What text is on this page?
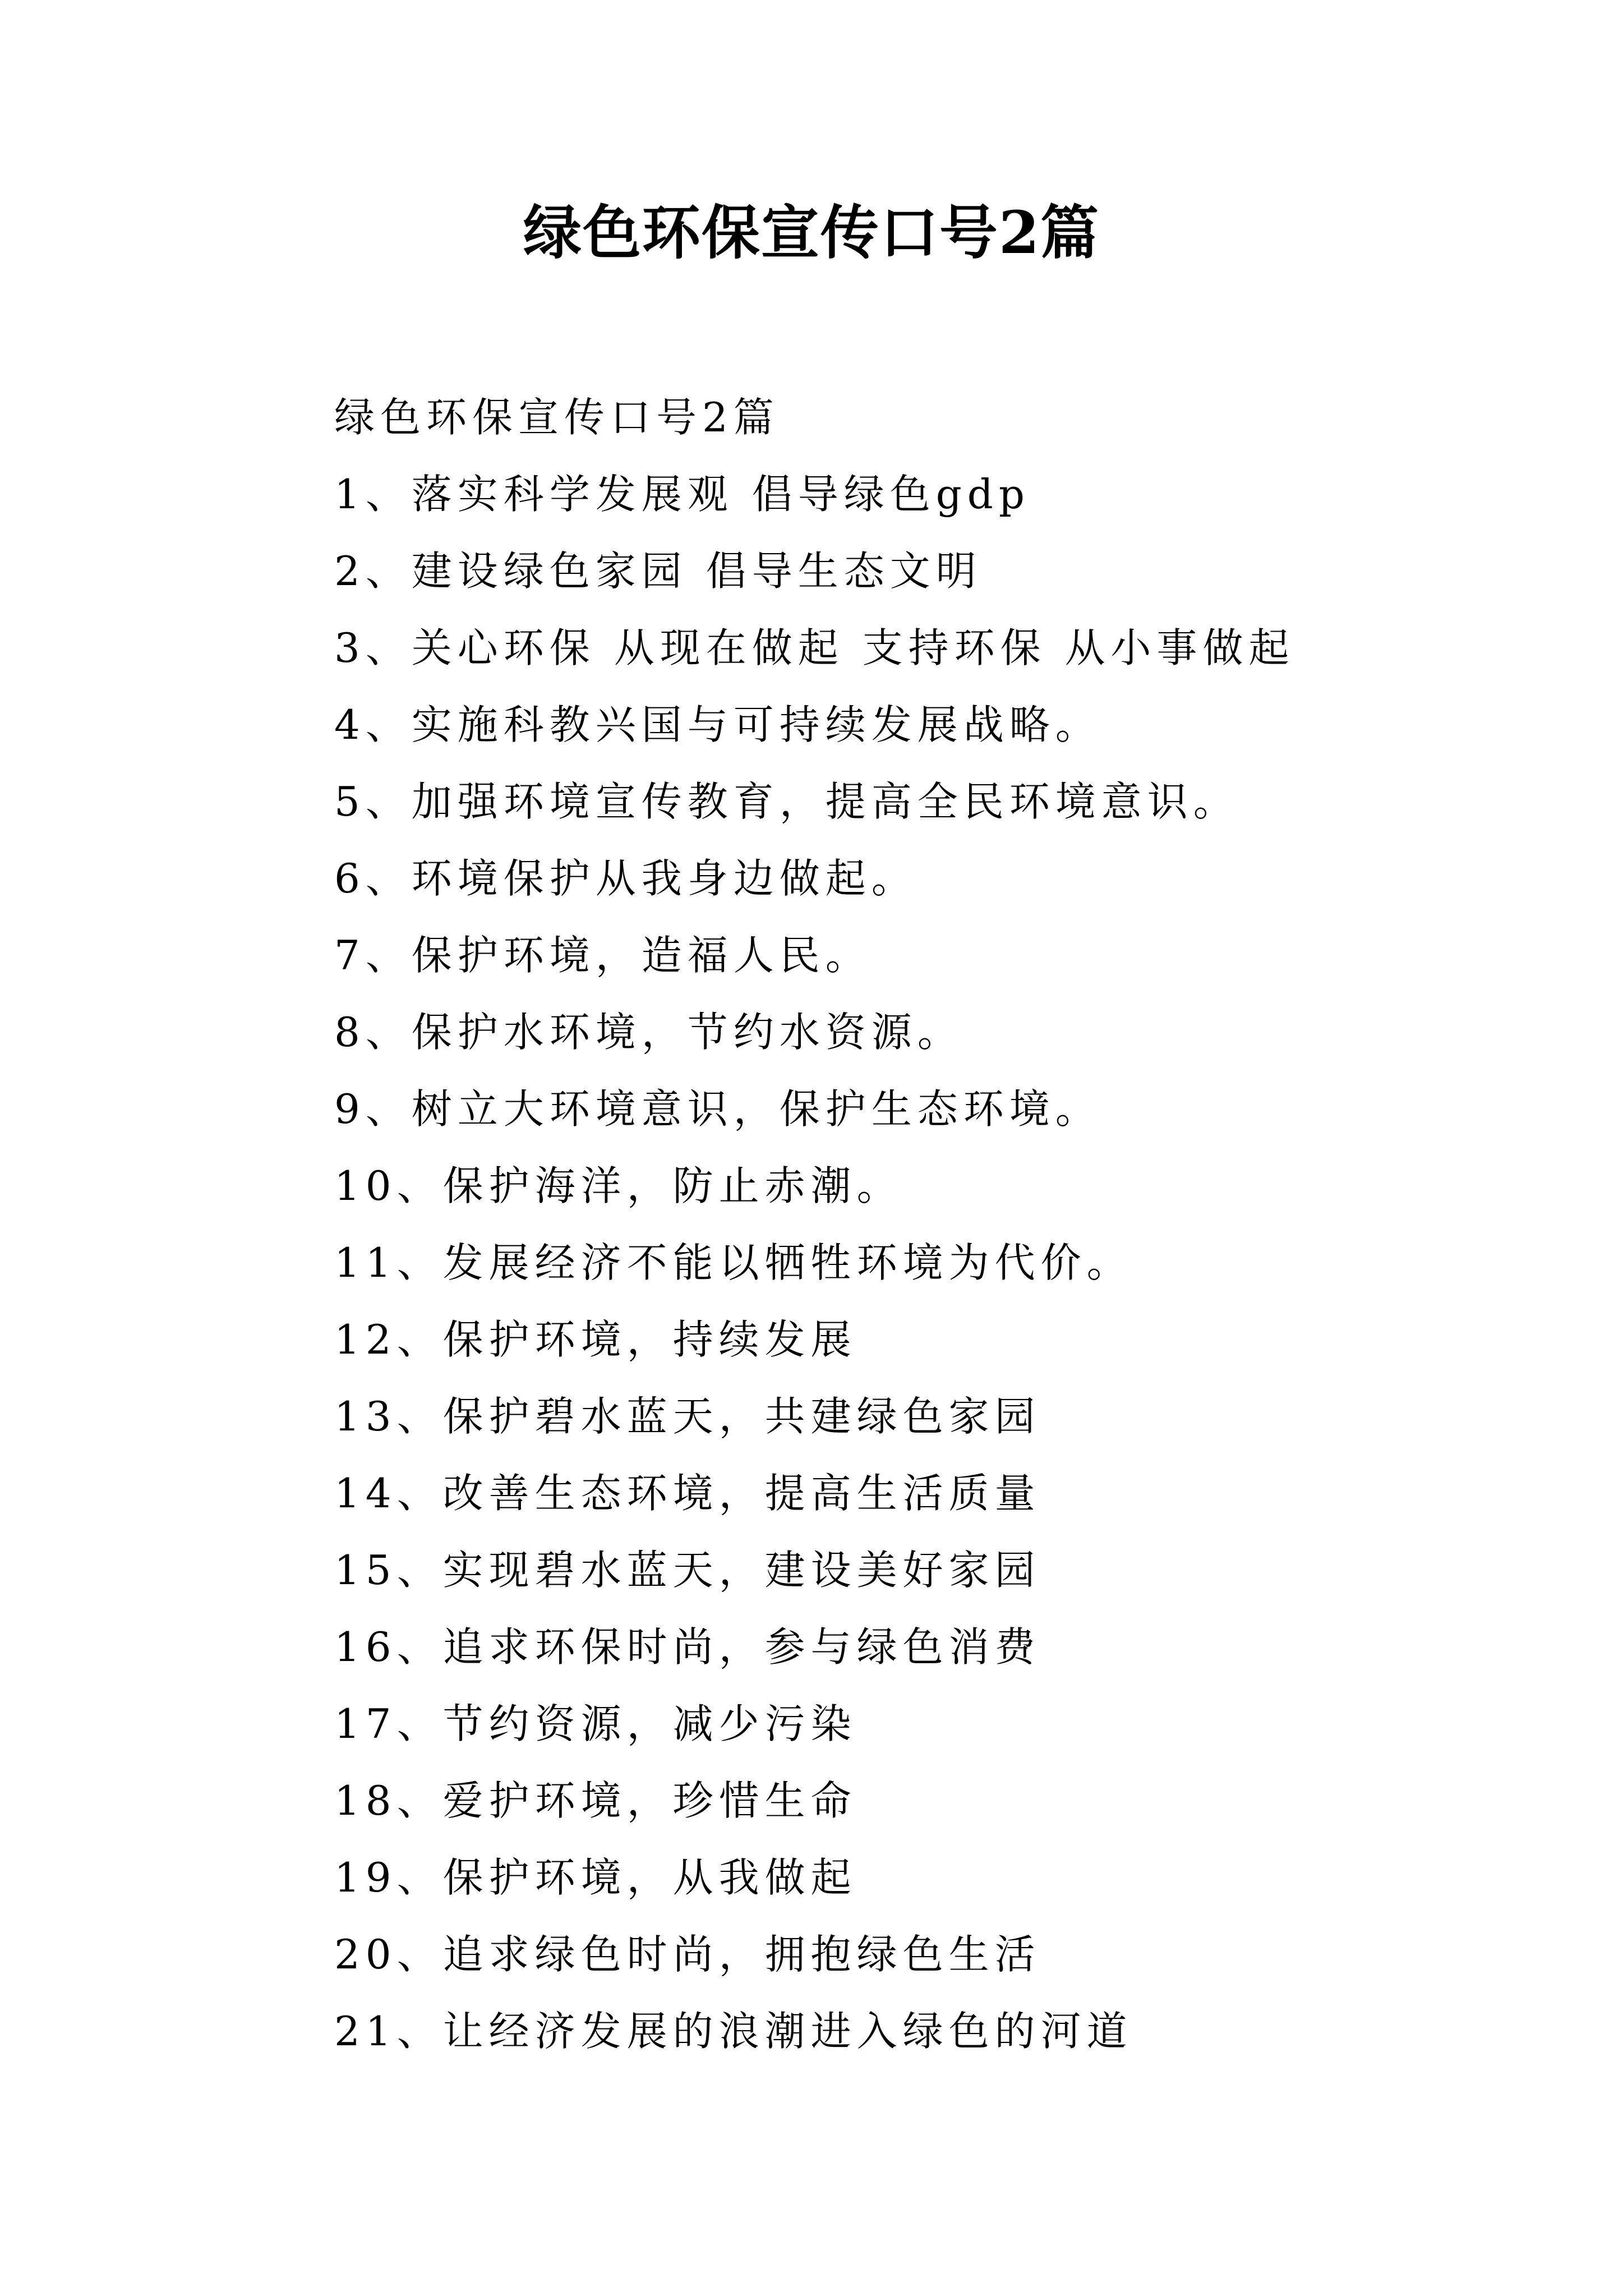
绿色环保宣传口号2篇
绿色环保宣传口号2篇
1、落实科学发展观 倡导绿色gdp
2、建设绿色家园 倡导生态文明
3、关心环保 从现在做起 支持环保 从小事做起
4、实施科教兴国与可持续发展战略。
5、加强环境宣传教育，提高全民环境意识。
6、环境保护从我身边做起。
7、保护环境，造福人民。
8、保护水环境，节约水资源。
9、树立大环境意识，保护生态环境。
10、保护海洋，防止赤潮。
11、发展经济不能以牺牲环境为代价。
12、保护环境，持续发展
13、保护碧水蓝天，共建绿色家园
14、改善生态环境，提高生活质量
15、实现碧水蓝天，建设美好家园
16、追求环保时尚，参与绿色消费
17、节约资源，减少污染
18、爱护环境，珍惜生命
19、保护环境，从我做起
20、追求绿色时尚，拥抱绿色生活
21、让经济发展的浪潮进入绿色的河道
